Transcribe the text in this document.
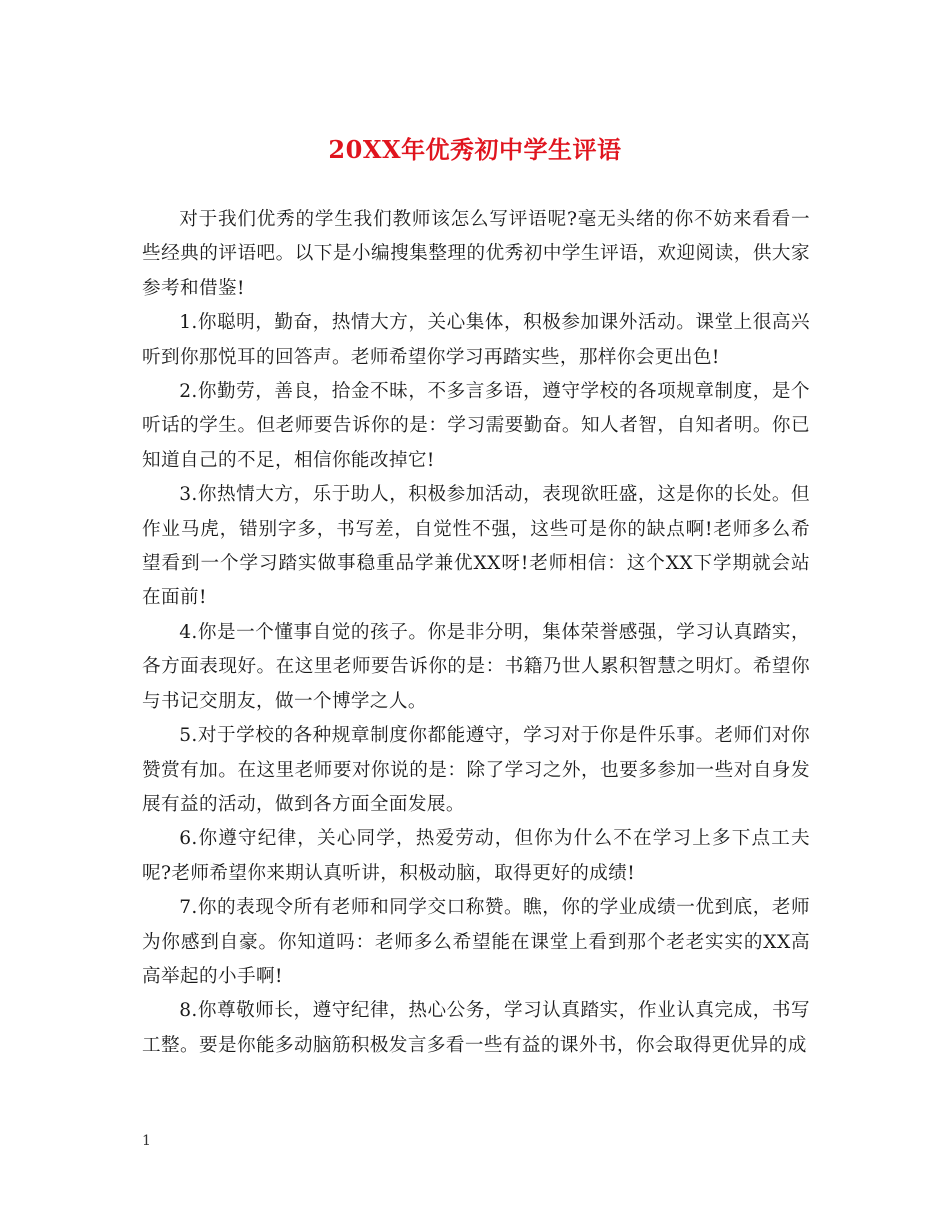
20XX年优秀初中学生评语

对于我们优秀的学生我们教师该怎么写评语呢?毫无头绪的你不妨来看看一些经典的评语吧。以下是小编搜集整理的优秀初中学生评语，欢迎阅读，供大家参考和借鉴!

1.你聪明，勤奋，热情大方，关心集体，积极参加课外活动。课堂上很高兴听到你那悦耳的回答声。老师希望你学习再踏实些，那样你会更出色!

2.你勤劳，善良，拾金不昧，不多言多语，遵守学校的各项规章制度，是个听话的学生。但老师要告诉你的是：学习需要勤奋。知人者智，自知者明。你已知道自己的不足，相信你能改掉它!

3.你热情大方，乐于助人，积极参加活动，表现欲旺盛，这是你的长处。但作业马虎，错别字多，书写差，自觉性不强，这些可是你的缺点啊!老师多么希望看到一个学习踏实做事稳重品学兼优XX呀!老师相信：这个XX下学期就会站在面前!

4.你是一个懂事自觉的孩子。你是非分明，集体荣誉感强，学习认真踏实，各方面表现好。在这里老师要告诉你的是：书籍乃世人累积智慧之明灯。希望你与书记交朋友，做一个博学之人。

5.对于学校的各种规章制度你都能遵守，学习对于你是件乐事。老师们对你赞赏有加。在这里老师要对你说的是：除了学习之外，也要多参加一些对自身发展有益的活动，做到各方面全面发展。

6.你遵守纪律，关心同学，热爱劳动，但你为什么不在学习上多下点工夫呢?老师希望你来期认真听讲，积极动脑，取得更好的成绩!

7.你的表现令所有老师和同学交口称赞。瞧，你的学业成绩一优到底，老师为你感到自豪。你知道吗：老师多么希望能在课堂上看到那个老老实实的XX高高举起的小手啊!

8.你尊敬师长，遵守纪律，热心公务，学习认真踏实，作业认真完成，书写工整。要是你能多动脑筋积极发言多看一些有益的课外书，你会取得更优异的成

1
